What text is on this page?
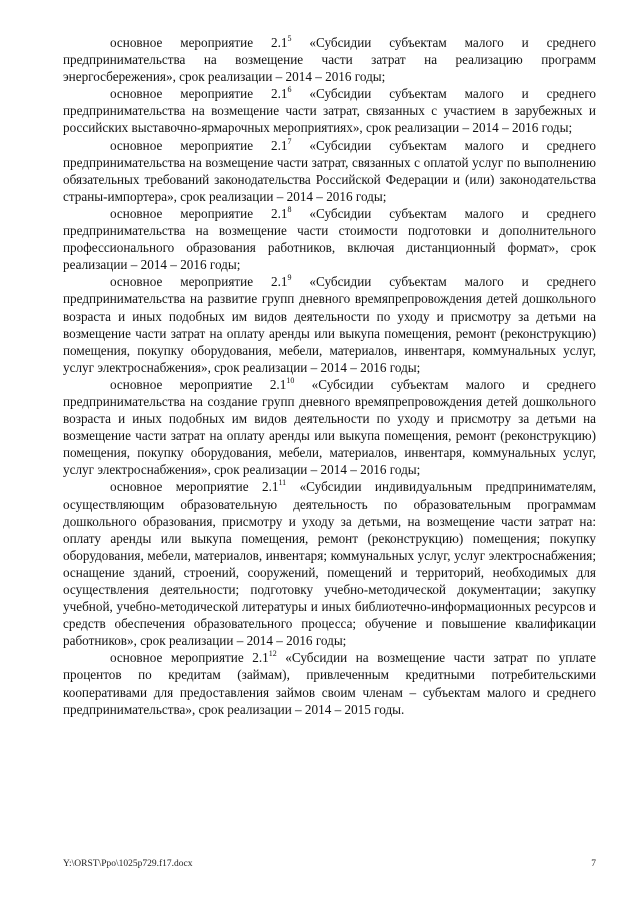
основное мероприятие $2.1^5$ «Субсидии субъектам малого и среднего предпринимательства на возмещение части затрат на реализацию программ энергосбережения», срок реализации – 2014 – 2016 годы;

основное мероприятие $2.1^6$ «Субсидии субъектам малого и среднего предпринимательства на возмещение части затрат, связанных с участием в зарубежных и российских выставочно-ярмарочных мероприятиях», срок реализации – 2014 – 2016 годы;

основное мероприятие $2.1^7$ «Субсидии субъектам малого и среднего предпринимательства на возмещение части затрат, связанных с оплатой услуг по выполнению обязательных требований законодательства Российской Федерации и (или) законодательства страны-импортера», срок реализации – 2014 – 2016 годы;

основное мероприятие $2.1^8$ «Субсидии субъектам малого и среднего предпринимательства на возмещение части стоимости подготовки и дополнительного профессионального образования работников, включая дистанционный формат», срок реализации – 2014 – 2016 годы;

основное мероприятие $2.1^9$ «Субсидии субъектам малого и среднего предпринимательства на развитие групп дневного времяпрепровождения детей дошкольного возраста и иных подобных им видов деятельности по уходу и присмотру за детьми на возмещение части затрат на оплату аренды или выкупа помещения, ремонт (реконструкцию) помещения, покупку оборудования, мебели, материалов, инвентаря, коммунальных услуг, услуг электроснабжения», срок реализации – 2014 – 2016 годы;

основное мероприятие $2.1^{10}$ «Субсидии субъектам малого и среднего предпринимательства на создание групп дневного времяпрепровождения детей дошкольного возраста и иных подобных им видов деятельности по уходу и присмотру за детьми на возмещение части затрат на оплату аренды или выкупа помещения, ремонт (реконструкцию) помещения, покупку оборудования, мебели, материалов, инвентаря, коммунальных услуг, услуг электроснабжения», срок реализации – 2014 – 2016 годы;

основное мероприятие $2.1^{11}$ «Субсидии индивидуальным предпринимателям, осуществляющим образовательную деятельность по образовательным программам дошкольного образования, присмотру и уходу за детьми, на возмещение части затрат на: оплату аренды или выкупа помещения, ремонт (реконструкцию) помещения; покупку оборудования, мебели, материалов, инвентаря; коммунальных услуг, услуг электроснабжения; оснащение зданий, строений, сооружений, помещений и территорий, необходимых для осуществления деятельности; подготовку учебно-методической документации; закупку учебной, учебно-методической литературы и иных библиотечно-информационных ресурсов и средств обеспечения образовательного процесса; обучение и повышение квалификации работников», срок реализации – 2014 – 2016 годы;

основное мероприятие $2.1^{12}$ «Субсидии на возмещение части затрат по уплате процентов по кредитам (займам), привлеченным кредитными потребительскими кооперативами для предоставления займов своим членам – субъектам малого и среднего предпринимательства», срок реализации – 2014 – 2015 годы.

Y:\ORST\Ppo\1025p729.f17.docx	7
